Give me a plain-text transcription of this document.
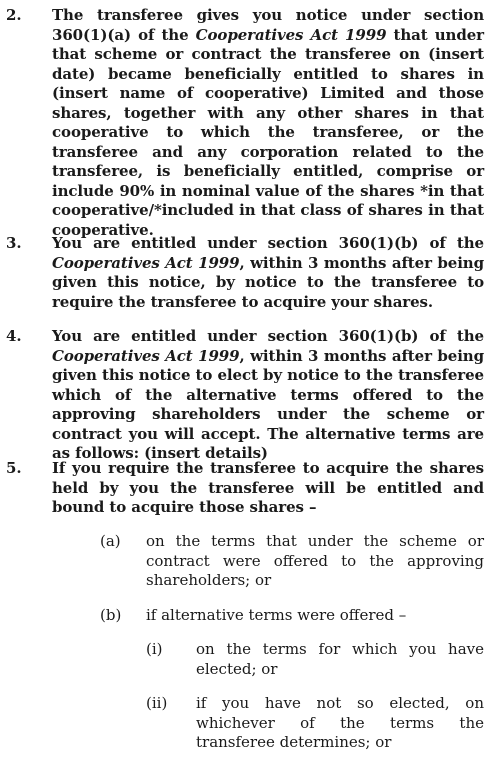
2.	The transferee gives you notice under section 360(1)(a) of the Cooperatives Act 1999 that under that scheme or contract the transferee on (insert date) became beneficially entitled to shares in (insert name of cooperative) Limited and those shares, together with any other shares in that cooperative to which the transferee, or the transferee and any corporation related to the transferee, is beneficially entitled, comprise or include 90% in nominal value of the shares *in that cooperative/*included in that class of shares in that cooperative.
3.	You are entitled under section 360(1)(b) of the Cooperatives Act 1999, within 3 months after being given this notice, by notice to the transferee to require the transferee to acquire your shares.
4.	You are entitled under section 360(1)(b) of the Cooperatives Act 1999, within 3 months after being given this notice to elect by notice to the transferee which of the alternative terms offered to the approving shareholders under the scheme or contract you will accept. The alternative terms are as follows: (insert details)
5.	If you require the transferee to acquire the shares held by you the transferee will be entitled and bound to acquire those shares –
(a) on the terms that under the scheme or contract were offered to the approving shareholders; or
(b) if alternative terms were offered –
(i) on the terms for which you have elected; or
(ii) if you have not so elected, on whichever of the terms the transferee determines; or
